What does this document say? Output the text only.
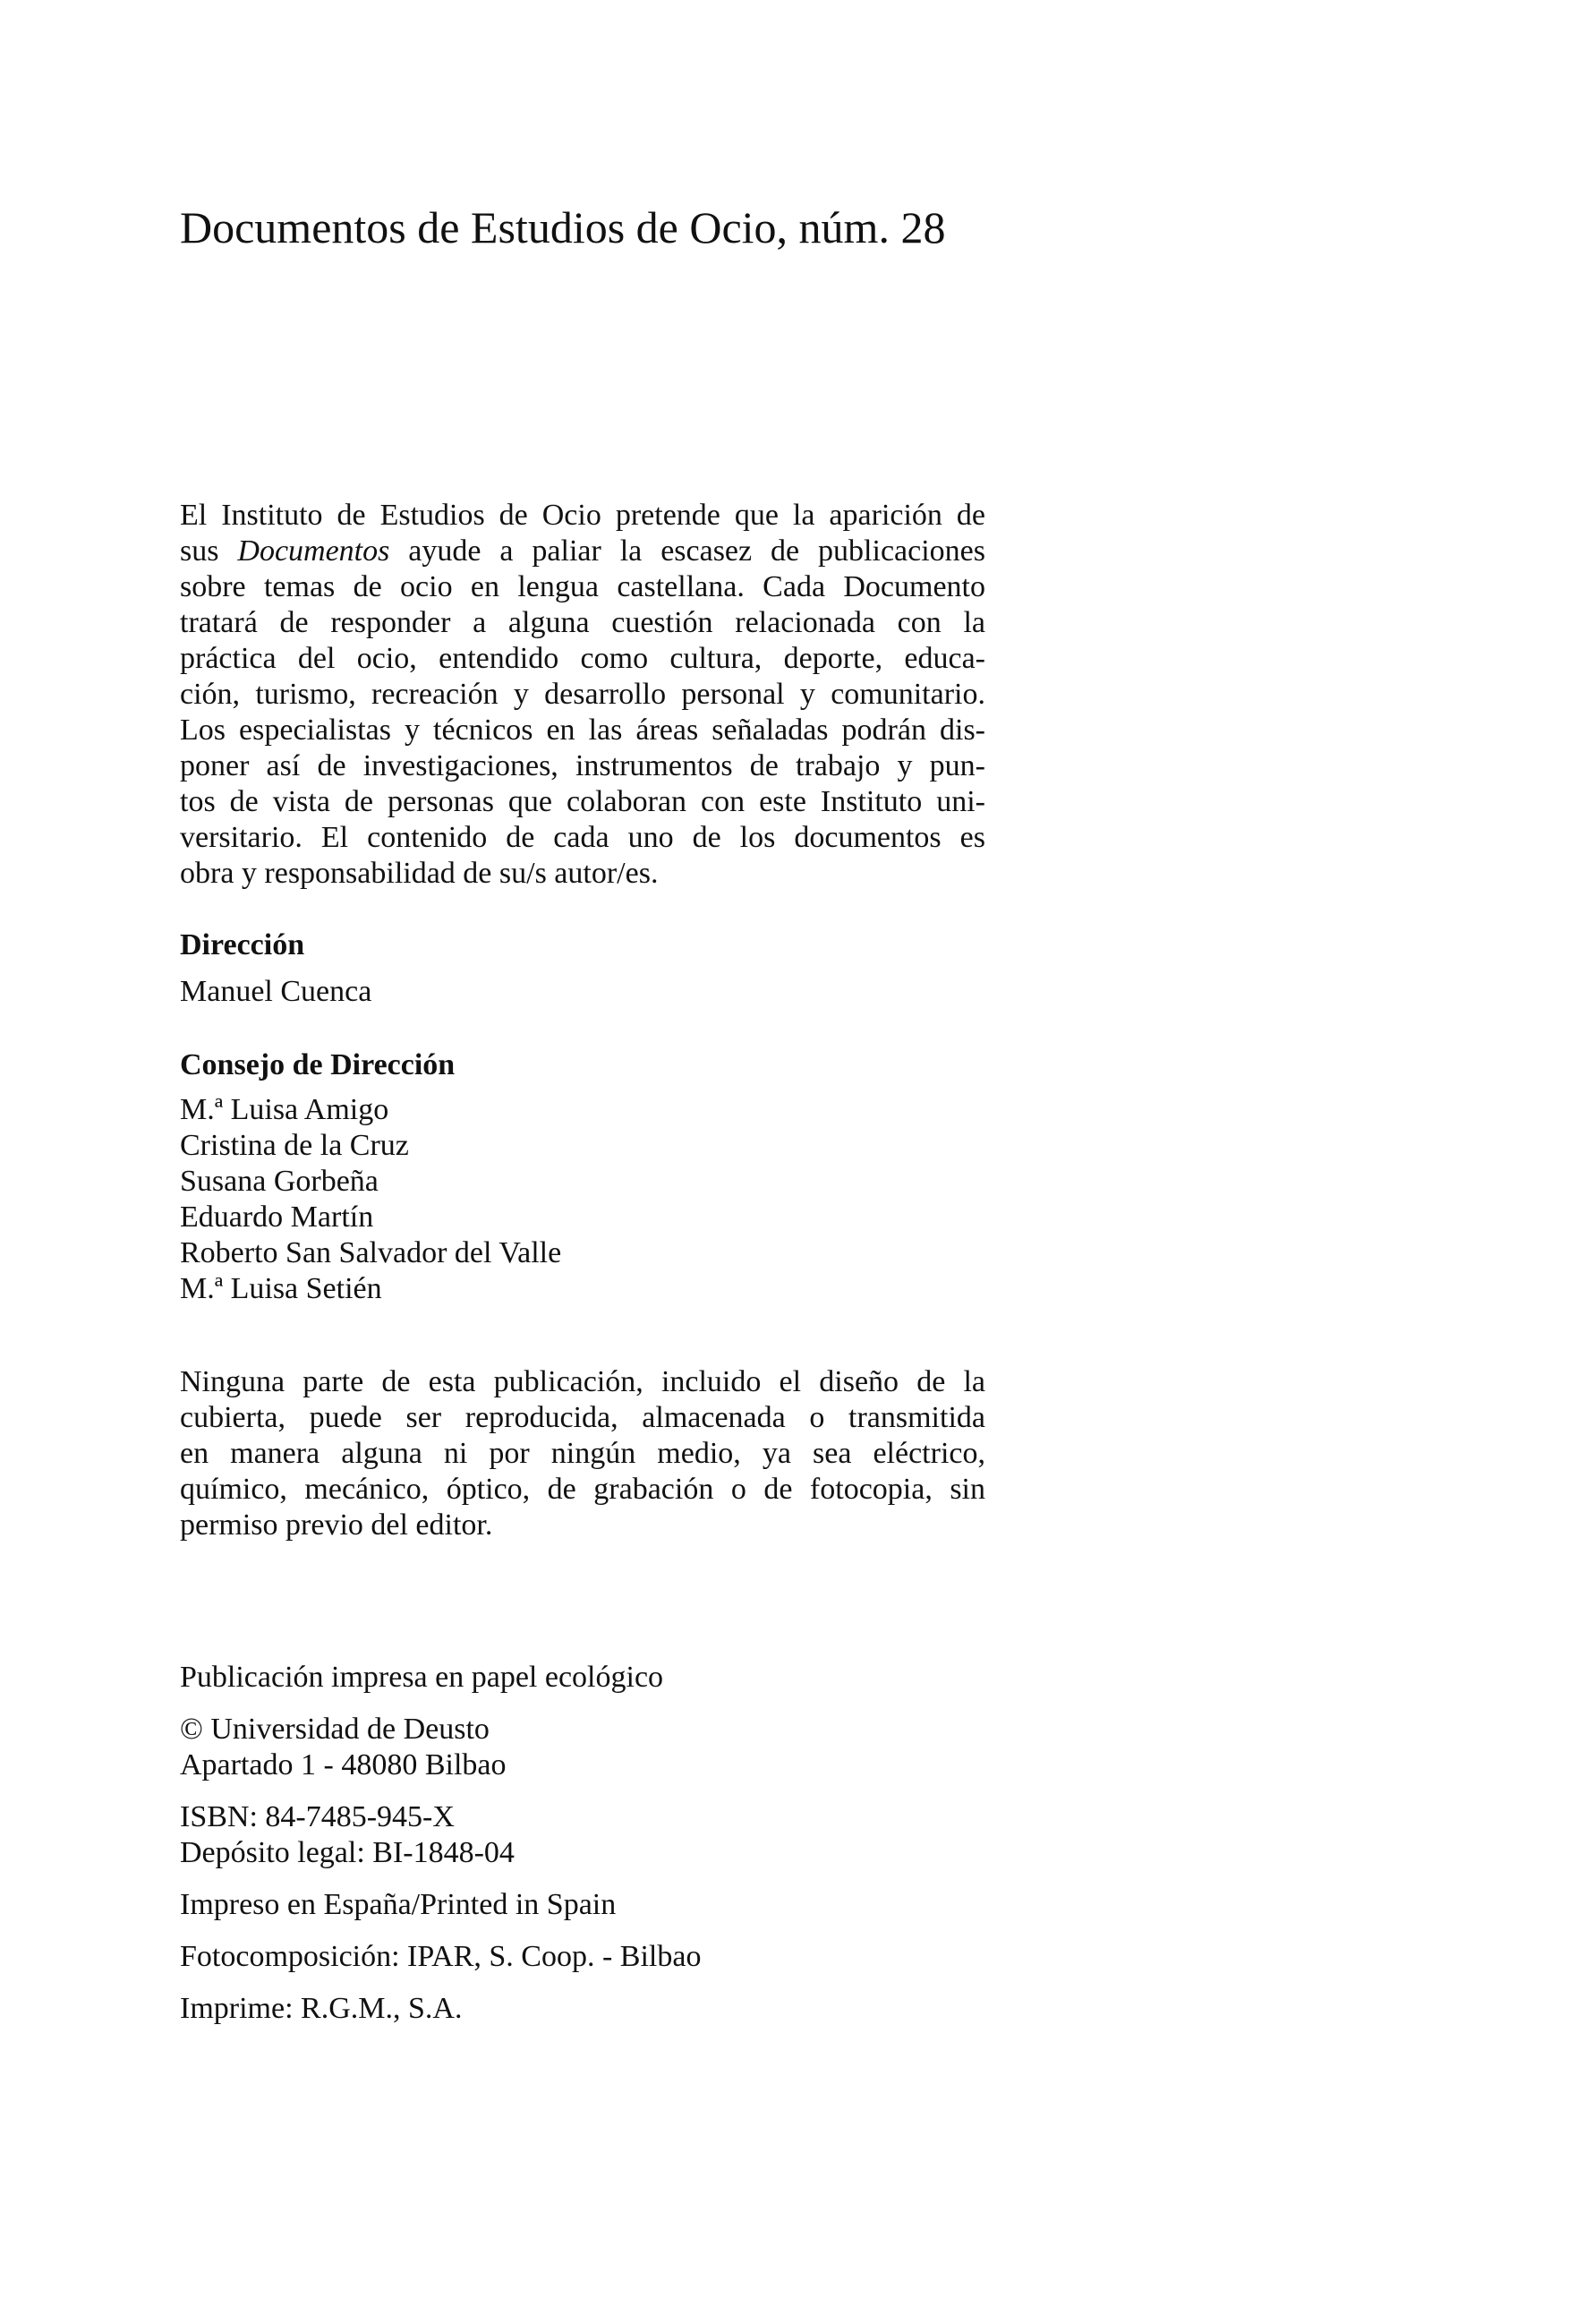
Documentos de Estudios de Ocio, núm. 28

El Instituto de Estudios de Ocio pretende que la aparición de

sus Documentos ayude a paliar la escasez de publicaciones

sobre temas de ocio en lengua castellana. Cada Documento

tratará de responder a alguna cuestión relacionada con la

práctica del ocio, entendido como cultura, deporte, educa-

ción, turismo, recreación y desarrollo personal y comunitario.

Los especialistas y técnicos en las áreas señaladas podrán dis-

poner así de investigaciones, instrumentos de trabajo y pun-

tos de vista de personas que colaboran con este Instituto uni-

versitario. El contenido de cada uno de los documentos es

obra y responsabilidad de su/s autor/es.

Dirección

Manuel Cuenca

Consejo de Dirección

M.ª Luisa Amigo

Cristina de la Cruz

Susana Gorbeña

Eduardo Martín

Roberto San Salvador del Valle

M.ª Luisa Setién

Ninguna parte de esta publicación, incluido el diseño de la

cubierta, puede ser reproducida, almacenada o transmitida

en manera alguna ni por ningún medio, ya sea eléctrico,

químico, mecánico, óptico, de grabación o de fotocopia, sin

permiso previo del editor.

Publicación impresa en papel ecológico

© Universidad de Deusto

Apartado 1 - 48080 Bilbao

ISBN: 84-7485-945-X

Depósito legal: BI-1848-04

Impreso en España/Printed in Spain

Fotocomposición: IPAR, S. Coop. - Bilbao

Imprime: R.G.M., S.A.
